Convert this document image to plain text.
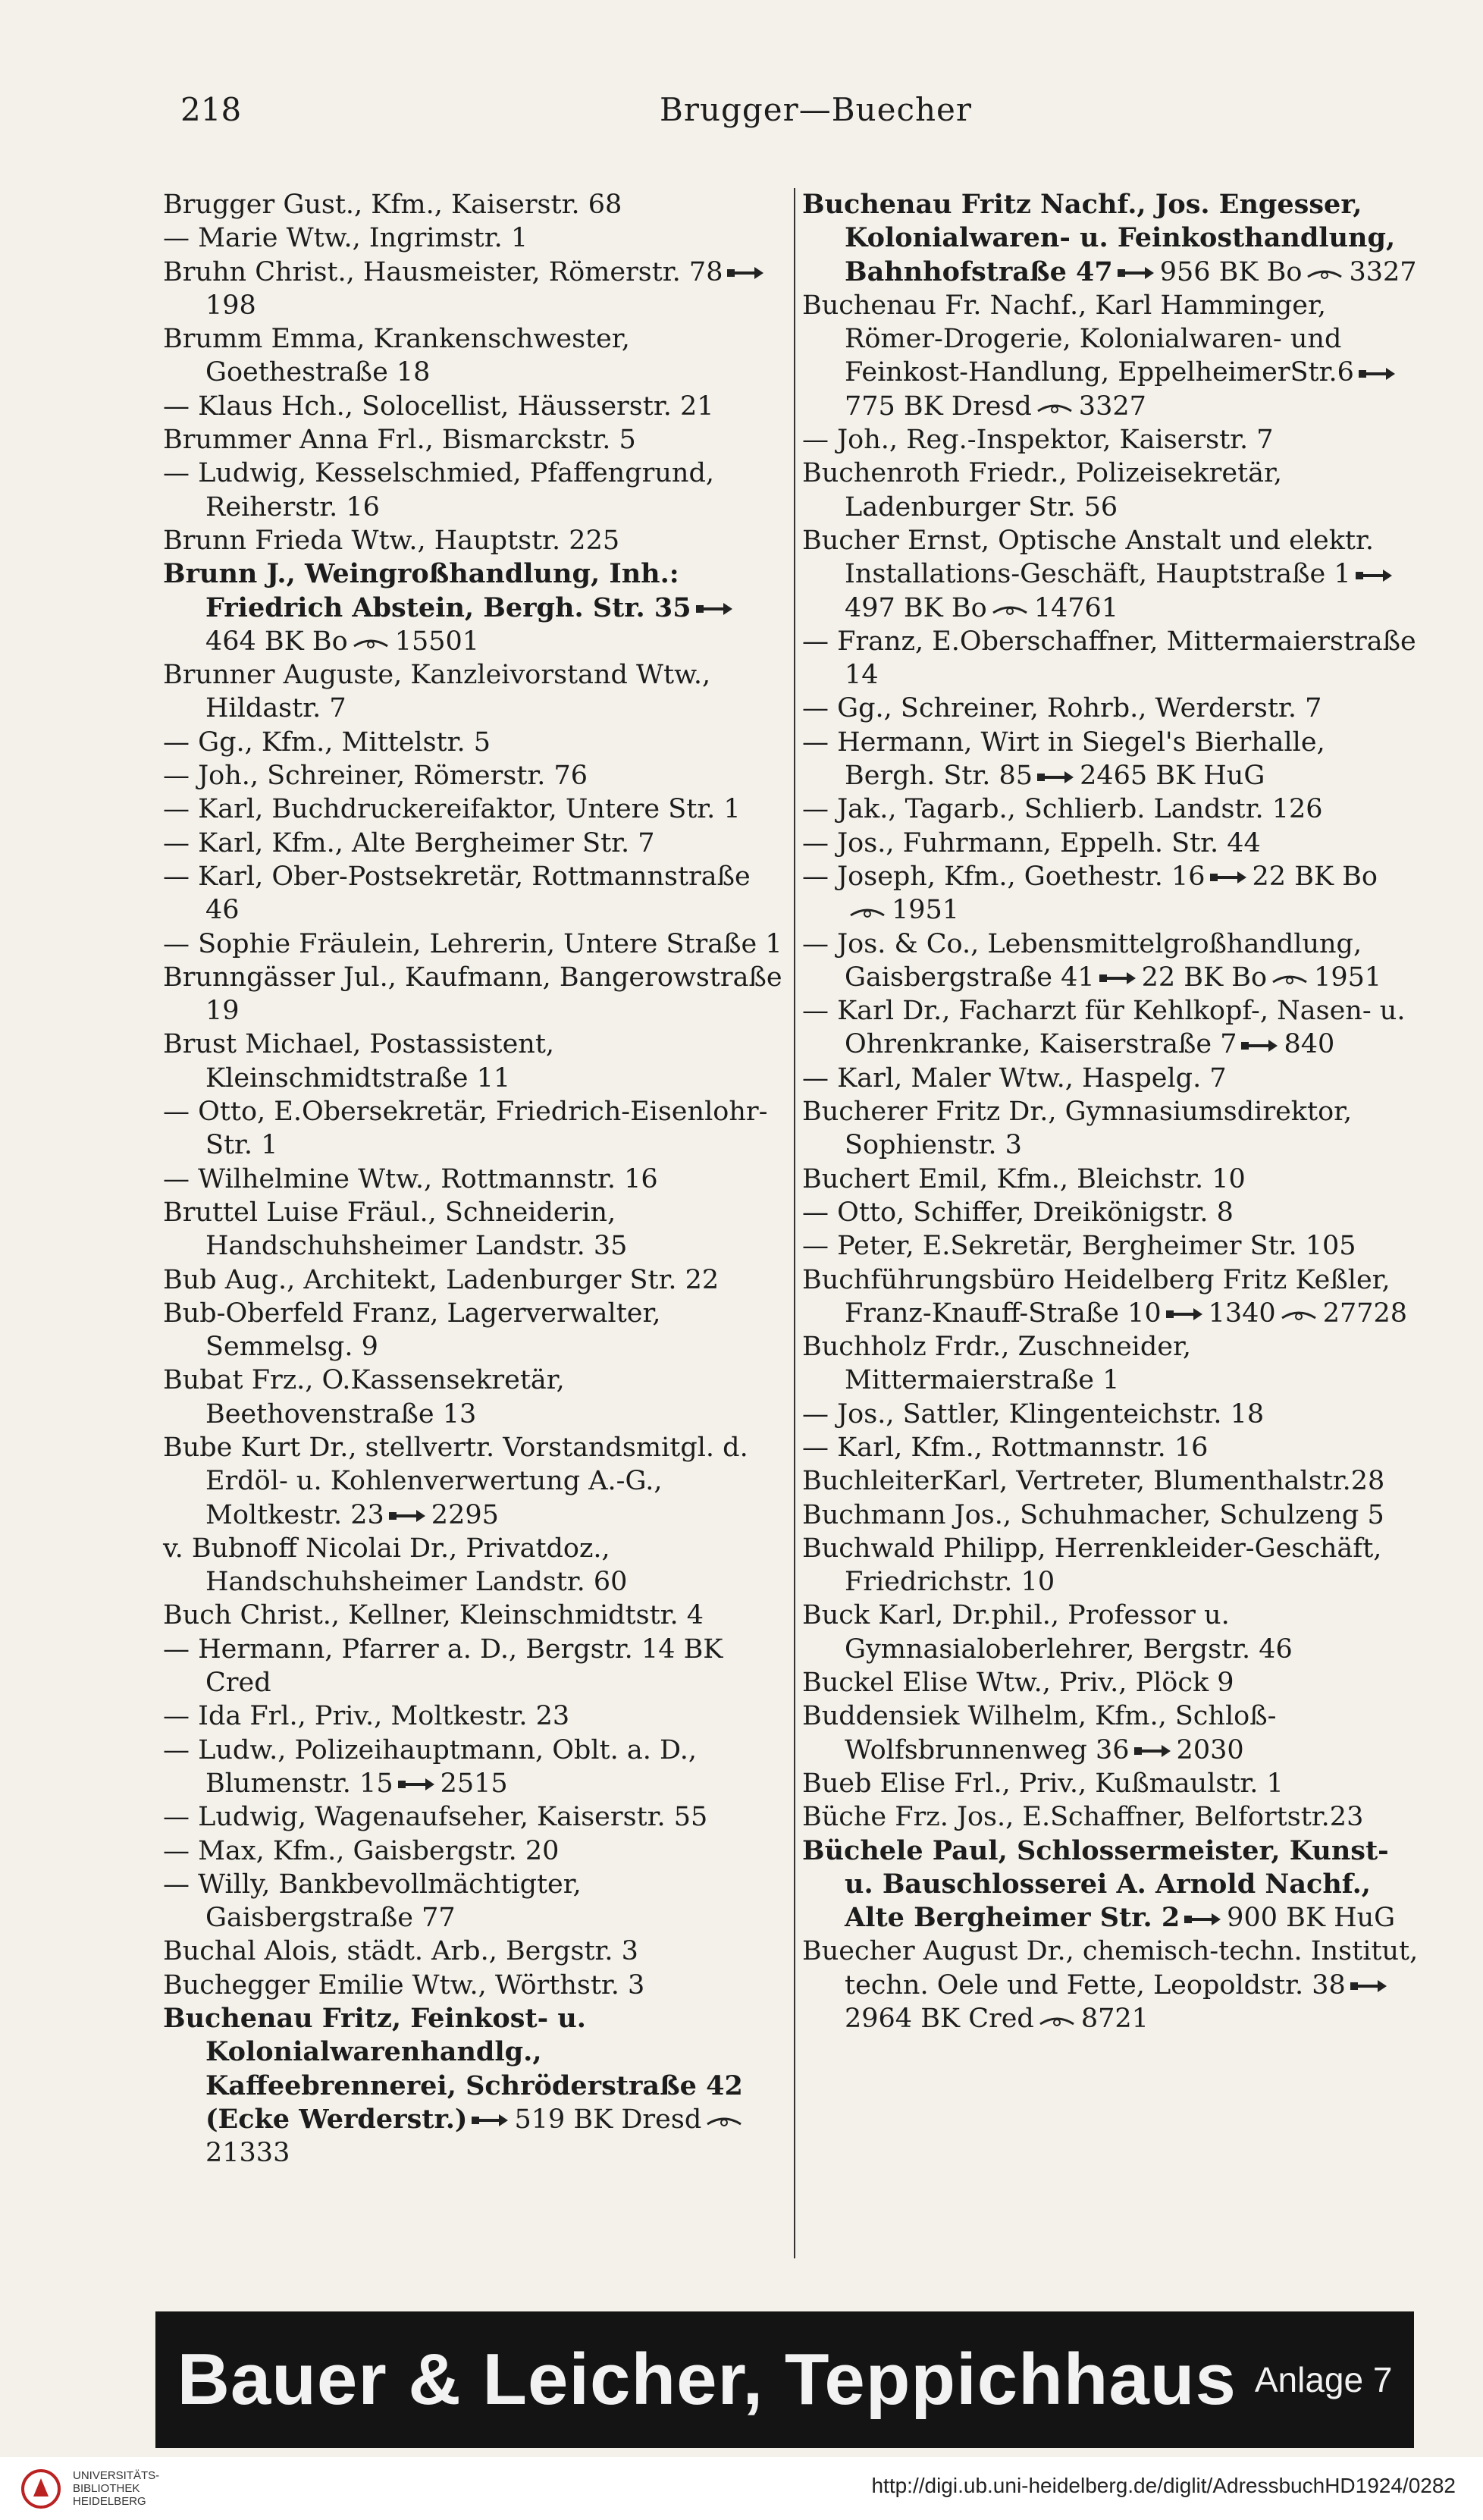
218	Brugger—Buecher
Brugger Gust., Kfm., Kaiserstr. 68
— Marie Wtw., Ingrimstr. 1
Bruhn Christ., Hausmeister, Römerstr. 78198
Brumm Emma, Krankenschwester, Goethestraße 18
— Klaus Hch., Solocellist, Häusserstr. 21
Brummer Anna Frl., Bismarckstr. 5
— Ludwig, Kesselschmied, Pfaffengrund, Reiherstr. 16
Brunn Frieda Wtw., Hauptstr. 225
Brunn J., Weingroßhandlung, Inh.: Friedrich Abstein, Bergh. Str. 35464 BK Bo 15501
Brunner Auguste, Kanzleivorstand Wtw., Hildastr. 7
— Gg., Kfm., Mittelstr. 5
— Joh., Schreiner, Römerstr. 76
— Karl, Buchdruckereifaktor, Untere Str. 1
— Karl, Kfm., Alte Bergheimer Str. 7
— Karl, Ober-Postsekretär, Rottmannstraße 46
— Sophie Fräulein, Lehrerin, Untere Straße 1
Brunngässer Jul., Kaufmann, Bangerowstraße 19
Brust Michael, Postassistent, Kleinschmidtstraße 11
— Otto, E.Obersekretär, Friedrich-Eisenlohr-Str. 1
— Wilhelmine Wtw., Rottmannstr. 16
Bruttel Luise Fräul., Schneiderin, Handschuhsheimer Landstr. 35
Bub Aug., Architekt, Ladenburger Str. 22
Bub-Oberfeld Franz, Lagerverwalter, Semmelsg. 9
Bubat Frz., O.Kassensekretär, Beethovenstraße 13
Bube Kurt Dr., stellvertr. Vorstandsmitgl. d. Erdöl- u. Kohlenverwertung A.-G., Moltkestr. 23 2295
v. Bubnoff Nicolai Dr., Privatdoz., Handschuhsheimer Landstr. 60
Buch Christ., Kellner, Kleinschmidtstr. 4
— Hermann, Pfarrer a. D., Bergstr. 14 BK Cred
— Ida Frl., Priv., Moltkestr. 23
— Ludw., Polizeihauptmann, Oblt. a. D., Blumenstr. 15 2515
— Ludwig, Wagenaufseher, Kaiserstr. 55
— Max, Kfm., Gaisbergstr. 20
— Willy, Bankbevollmächtigter, Gaisbergstraße 77
Buchal Alois, städt. Arb., Bergstr. 3
Buchegger Emilie Wtw., Wörthstr. 3
Buchenau Fritz, Feinkost- u. Kolonialwarenhandlg., Kaffeebrennerei, Schröderstraße 42 (Ecke Werderstr.) 519 BK Dresd21333
Buchenau Fritz Nachf., Jos. Engesser, Kolonialwaren- u. Feinkosthandlung, Bahnhofstraße 47 956 BK Bo 3327
Buchenau Fr. Nachf., Karl Hamminger, Römer-Drogerie, Kolonialwaren- und Feinkost-Handlung, EppelheimerStr.6775 BK Dresd 3327
— Joh., Reg.-Inspektor, Kaiserstr. 7
Buchenroth Friedr., Polizeisekretär, Ladenburger Str. 56
Bucher Ernst, Optische Anstalt und elektr. Installations-Geschäft, Hauptstraße 1497 BK Bo 14761
— Franz, E.Oberschaffner, Mittermaierstraße 14
— Gg., Schreiner, Rohrb., Werderstr. 7
— Hermann, Wirt in Siegel's Bierhalle, Bergh. Str. 85 2465 BK HuG
— Jak., Tagarb., Schlierb. Landstr. 126
— Jos., Fuhrmann, Eppelh. Str. 44
— Joseph, Kfm., Goethestr. 16 22 BK Bo1951
— Jos. & Co., Lebensmittelgroßhandlung, Gaisbergstraße 41 22 BK Bo 1951
— Karl Dr., Facharzt für Kehlkopf-, Nasen- u. Ohrenkranke, Kaiserstraße 7 840
— Karl, Maler Wtw., Haspelg. 7
Bucherer Fritz Dr., Gymnasiumsdirektor, Sophienstr. 3
Buchert Emil, Kfm., Bleichstr. 10
— Otto, Schiffer, Dreikönigstr. 8
— Peter, E.Sekretär, Bergheimer Str. 105
Buchführungsbüro Heidelberg Fritz Keßler, Franz-Knauff-Straße 10 1340 27728
Buchholz Frdr., Zuschneider, Mittermaierstraße 1
— Jos., Sattler, Klingenteichstr. 18
— Karl, Kfm., Rottmannstr. 16
BuchleiterKarl, Vertreter, Blumenthalstr.28
Buchmann Jos., Schuhmacher, Schulzeng 5
Buchwald Philipp, Herrenkleider-Geschäft, Friedrichstr. 10
Buck Karl, Dr.phil., Professor u. Gymnasialoberlehrer, Bergstr. 46
Buckel Elise Wtw., Priv., Plöck 9
Buddensiek Wilhelm, Kfm., Schloß-Wolfsbrunnenweg 36 2030
Bueb Elise Frl., Priv., Kußmaulstr. 1
Büche Frz. Jos., E.Schaffner, Belfortstr.23
Büchele Paul, Schlossermeister, Kunst- u. Bauschlosserei A. Arnold Nachf., Alte Bergheimer Str. 2 900 BK HuG
Buecher August Dr., chemisch-techn. Institut, techn. Oele und Fette, Leopoldstr. 382964 BK Cred 8721
Bauer & Leicher, Teppichhaus Anlage 7
UNIVERSITÄTS-
BIBLIOTHEK
HEIDELBERG
http://digi.ub.uni-heidelberg.de/diglit/AdressbuchHD1924/0282
